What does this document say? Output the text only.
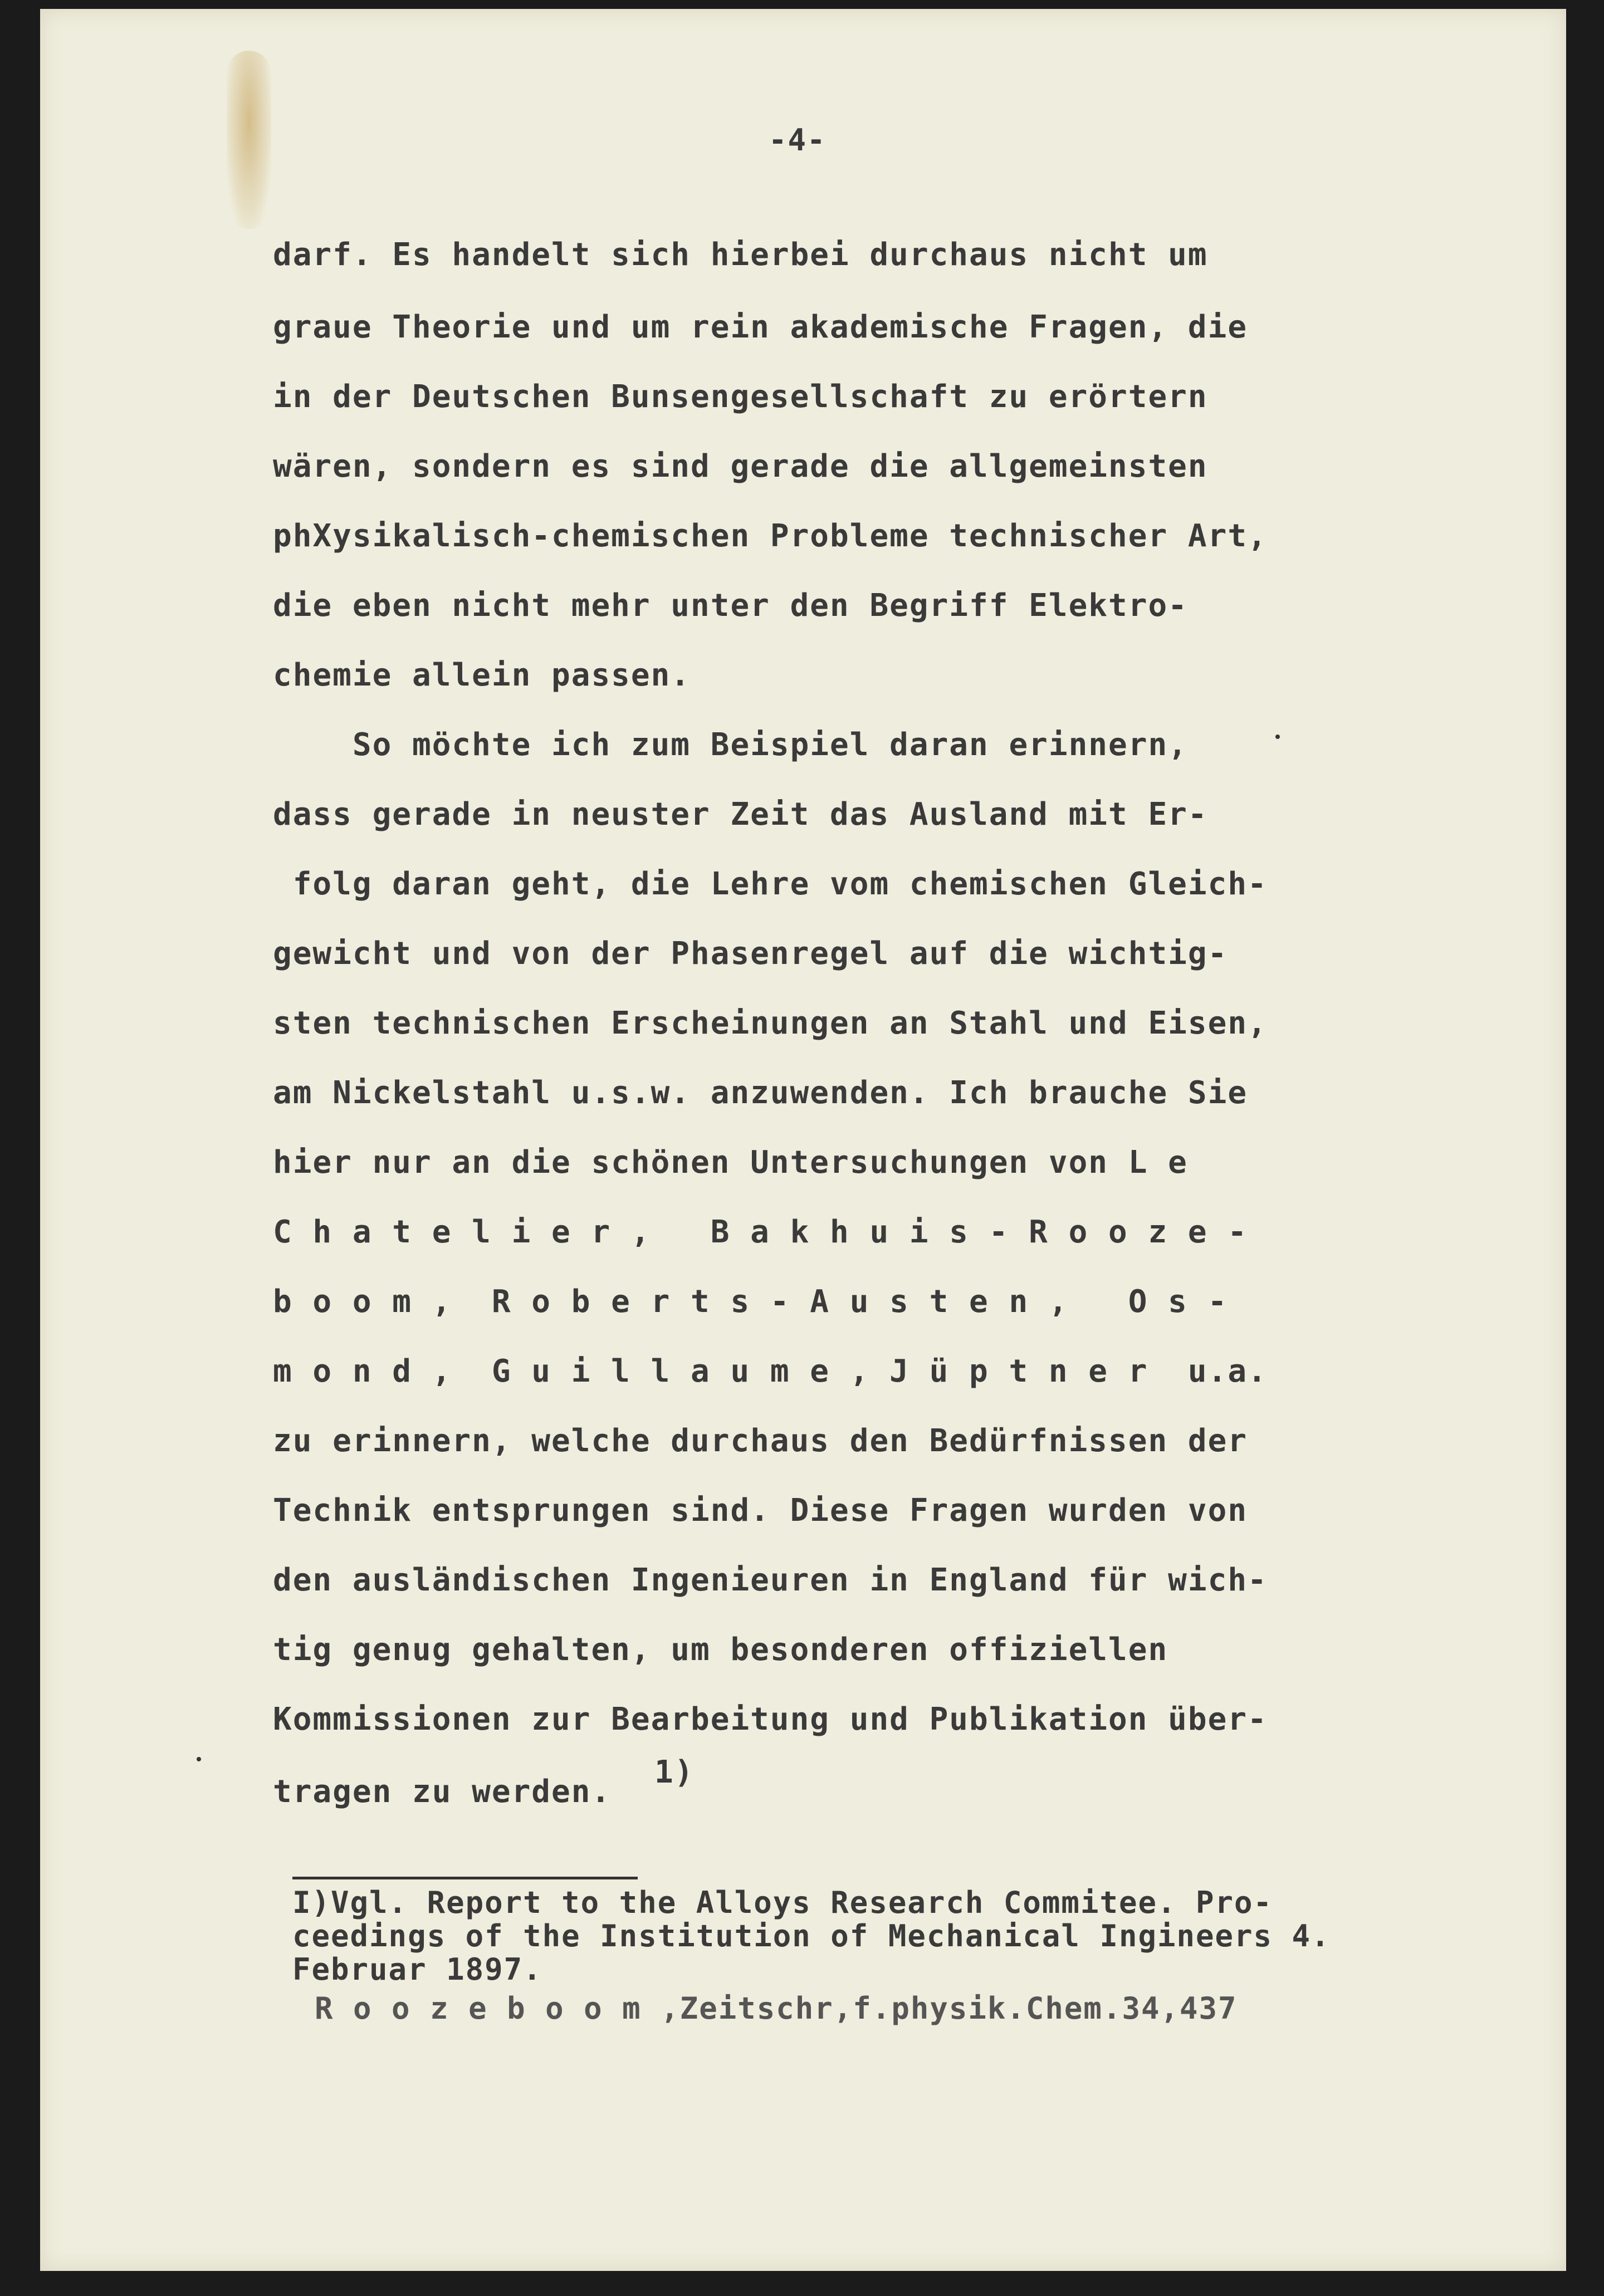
-4-
darf. Es handelt sich hierbei durchaus nicht um
graue Theorie und um rein akademische Fragen, die
in der Deutschen Bunsengesellschaft zu erörtern
wären, sondern es sind gerade die allgemeinsten
phXysikalisch-chemischen Probleme technischer Art,
die eben nicht mehr unter den Begriff Elektro-
chemie allein passen.
So möchte ich zum Beispiel daran erinnern,
dass gerade in neuster Zeit das Ausland mit Er-
folg daran geht, die Lehre vom chemischen Gleich-
gewicht und von der Phasenregel auf die wichtig-
sten technischen Erscheinungen an Stahl und Eisen,
am Nickelstahl u.s.w. anzuwenden. Ich brauche Sie
hier nur an die schönen Untersuchungen von L e
C h a t e l i e r ,   B a k h u i s - R o o z e -
b o o m ,  R o b e r t s - A u s t e n ,   O s -
m o n d ,  G u i l l a u m e , J ü p t n e r  u.a.
zu erinnern, welche durchaus den Bedürfnissen der
Technik entsprungen sind. Diese Fragen wurden von
den ausländischen Ingenieuren in England für wich-
tig genug gehalten, um besonderen offiziellen
Kommissionen zur Bearbeitung und Publikation über-
tragen zu werden.
1)
I)Vgl. Report to the Alloys Research Commitee. Pro-
ceedings of the Institution of Mechanical Ingineers 4.
Februar 1897.
R o o z e b o o m ,Zeitschr,f.physik.Chem.34,437
